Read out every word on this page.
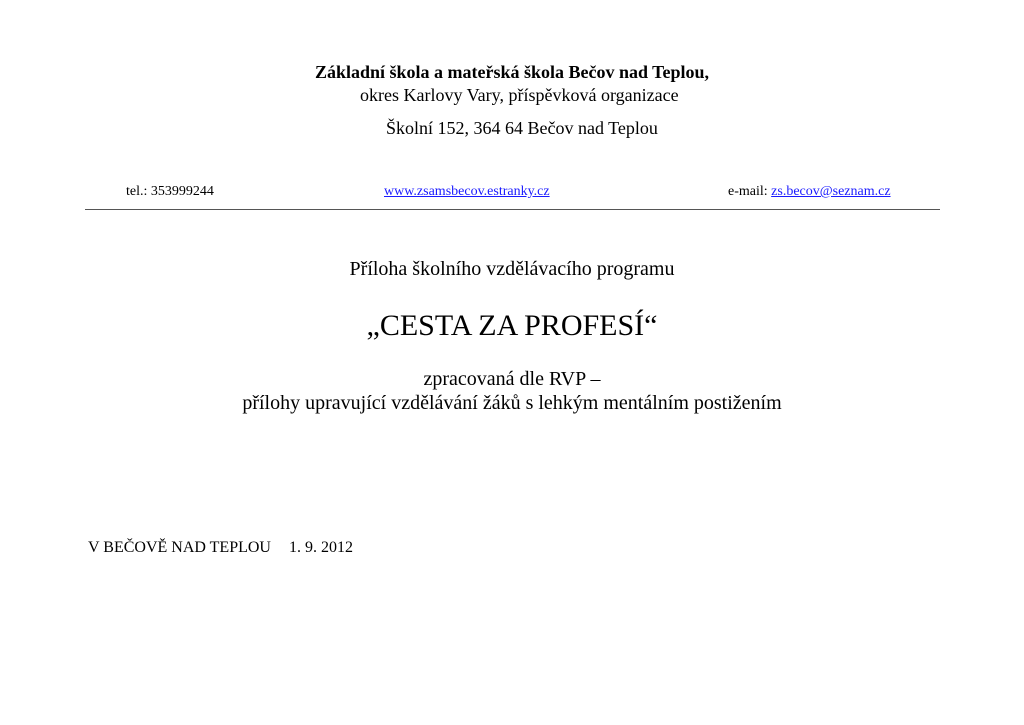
Základní škola a mateřská škola Bečov nad Teplou,
okres Karlovy Vary, příspěvková organizace
Školní 152, 364 64 Bečov nad Teplou
tel.: 353999244	www.zsamsbecov.estranky.cz	e-mail: zs.becov@seznam.cz
Příloha školního vzdělávacího programu
„CESTA ZA PROFESÍ“
zpracovaná dle RVP –
přílohy upravující vzdělávání žáků s lehkým mentálním postižením
V BEČOVĚ NAD TEPLOU 1. 9. 2012
